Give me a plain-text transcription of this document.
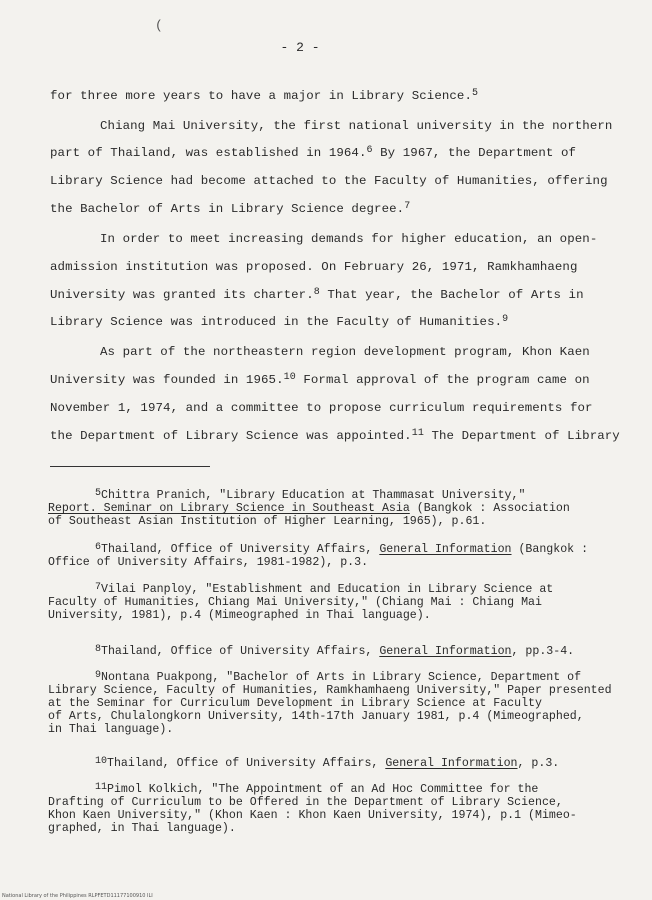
(
- 2 -
for three more years to have a major in Library Science.$^5$
Chiang Mai University, the first national university in the northern
part of Thailand, was established in 1964.$^6$ By 1967, the Department of
Library Science had become attached to the Faculty of Humanities, offering
the Bachelor of Arts in Library Science degree.$^7$
In order to meet increasing demands for higher education, an open-
admission institution was proposed. On February 26, 1971, Ramkhamhaeng
University was granted its charter.$^8$ That year, the Bachelor of Arts in
Library Science was introduced in the Faculty of Humanities.$^9$
As part of the northeastern region development program, Khon Kaen
University was founded in 1965.10 Formal approval of the program came on
November 1, 1974, and a committee to propose curriculum requirements for
the Department of Library Science was appointed.$^{11}$ The Department of Library
$^5$Chittra Pranich, "Library Education at Thammasat University,"
Report. Seminar on Library Science in Southeast Asia (Bangkok : Association
of Southeast Asian Institution of Higher Learning, 1965), p.61.
$^6$Thailand, Office of University Affairs, General Information (Bangkok :
Office of University Affairs, 1981-1982), p.3.
$^7$Vilai Panploy, "Establishment and Education in Library Science at
Faculty of Humanities, Chiang Mai University," (Chiang Mai : Chiang Mai
University, 1981), p.4 (Mimeographed in Thai language).
$^8$Thailand, Office of University Affairs, General Information, pp.3-4.
$^9$Nontana Puakpong, "Bachelor of Arts in Library Science, Department of
Library Science, Faculty of Humanities, Ramkhamhaeng University," Paper presented
at the Seminar for Curriculum Development in Library Science at Faculty
of Arts, Chulalongkorn University, 14th-17th January 1981, p.4 (Mimeographed,
in Thai language).
$^{10}$Thailand, Office of University Affairs, General Information, p.3.
$^{11}$Pimol Kolkich, "The Appointment of an Ad Hoc Committee for the
Drafting of Curriculum to be Offered in the Department of Library Science,
Khon Kaen University," (Khon Kaen : Khon Kaen University, 1974), p.1 (Mimeo-
graphed, in Thai language).
National Library of the Philippines RLPFETD11177100910 ILI
